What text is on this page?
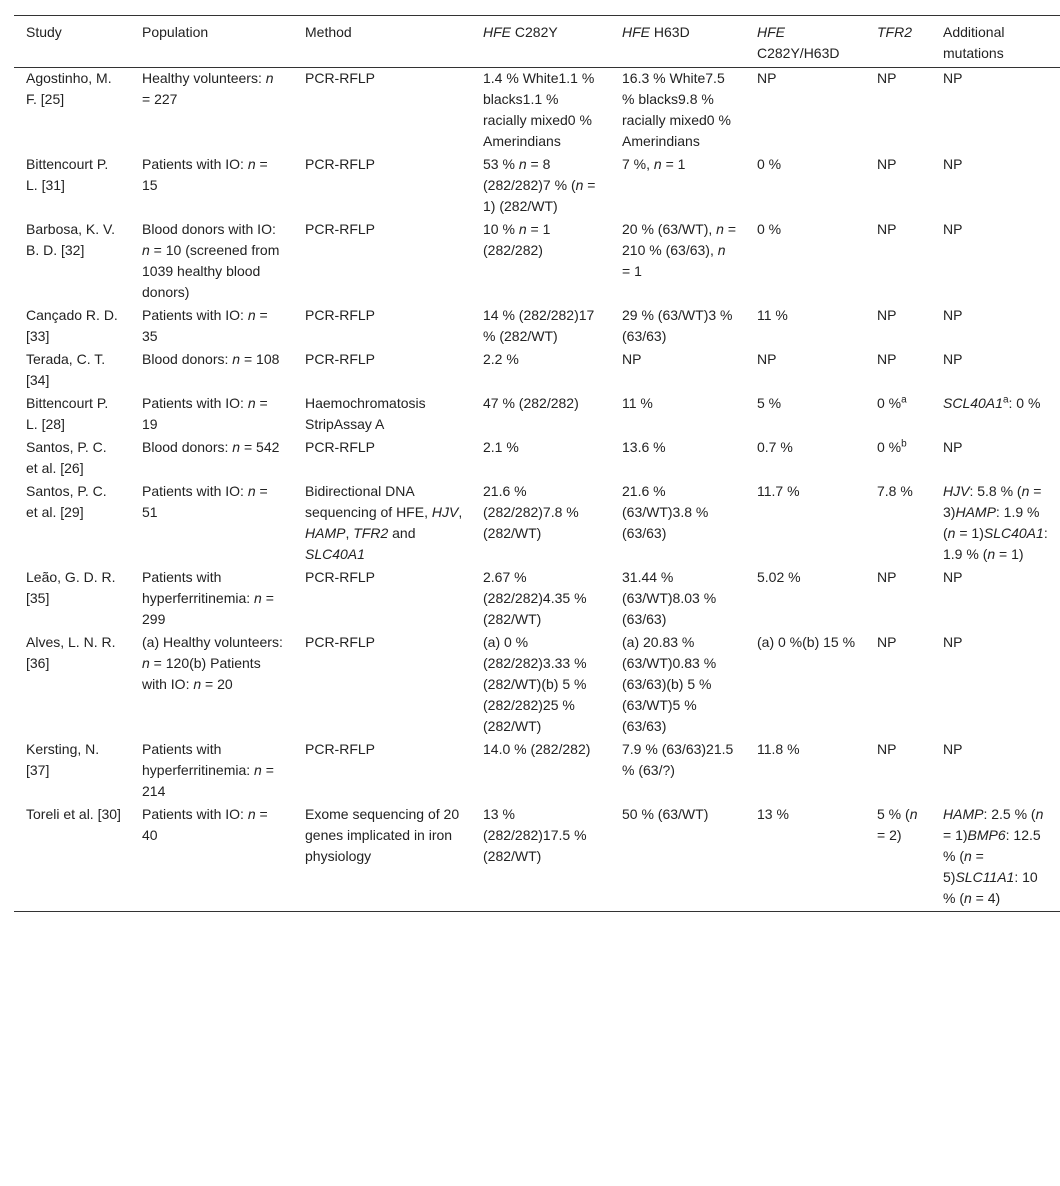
Study	Population	Method	HFE C282Y	HFE H63D	HFE C282Y/H63D	TFR2	Additional mutations
Agostinho, M. F. [25]	Healthy volunteers: n = 227	PCR-RFLP	1.4 % White1.1 % blacks1.1 % racially mixed0 % Amerindians	16.3 % White7.5 % blacks9.8 % racially mixed0 % Amerindians	NP	NP	NP
Bittencourt P. L. [31]	Patients with IO: n = 15	PCR-RFLP	53 % n = 8 (282/282)7 % (n = 1) (282/WT)	7 %, n = 1	0 %	NP	NP
Barbosa, K. V. B. D. [32]	Blood donors with IO: n = 10 (screened from 1039 healthy blood donors)	PCR-RFLP	10 % n = 1 (282/282)	20 % (63/WT), n = 210 % (63/63), n = 1	0 %	NP	NP
Cançado R. D. [33]	Patients with IO: n = 35	PCR-RFLP	14 % (282/282)17 % (282/WT)	29 % (63/WT)3 % (63/63)	11 %	NP	NP
Terada, C. T. [34]	Blood donors: n = 108	PCR-RFLP	2.2 %	NP	NP	NP	NP
Bittencourt P. L. [28]	Patients with IO: n = 19	Haemochromatosis StripAssay A	47 % (282/282)	11 %	5 %	0 %$^a$	SCL40A1$^a$: 0 %
Santos, P. C. et al. [26]	Blood donors: n = 542	PCR-RFLP	2.1 %	13.6 %	0.7 %	0 %$^b$	NP
Santos, P. C. et al. [29]	Patients with IO: n = 51	Bidirectional DNA sequencing of HFE, HJV, HAMP, TFR2 and SLC40A1	21.6 % (282/282)7.8 % (282/WT)	21.6 % (63/WT)3.8 % (63/63)	11.7 %	7.8 %	HJV: 5.8 % (n = 3)HAMP: 1.9 % (n = 1)SLC40A1: 1.9 % (n = 1)
Leão, G. D. R. [35]	Patients with hyperferritinemia: n = 299	PCR-RFLP	2.67 % (282/282)4.35 % (282/WT)	31.44 % (63/WT)8.03 % (63/63)	5.02 %	NP	NP
Alves, L. N. R. [36]	(a) Healthy volunteers: n = 120(b) Patients with IO: n = 20	PCR-RFLP	(a) 0 % (282/282)3.33 % (282/WT)(b) 5 % (282/282)25 % (282/WT)	(a) 20.83 % (63/WT)0.83 % (63/63)(b) 5 % (63/WT)5 % (63/63)	(a) 0 %(b) 15 %	NP	NP
Kersting, N. [37]	Patients with hyperferritinemia: n = 214	PCR-RFLP	14.0 % (282/282)	7.9 % (63/63)21.5 % (63/?)	11.8 %	NP	NP
Toreli et al. [30]	Patients with IO: n = 40	Exome sequencing of 20 genes implicated in iron physiology	13 % (282/282)17.5 % (282/WT)	50 % (63/WT)	13 %	5 % (n = 2)	HAMP: 2.5 % (n = 1)BMP6: 12.5 % (n = 5)SLC11A1: 10 % (n = 4)
